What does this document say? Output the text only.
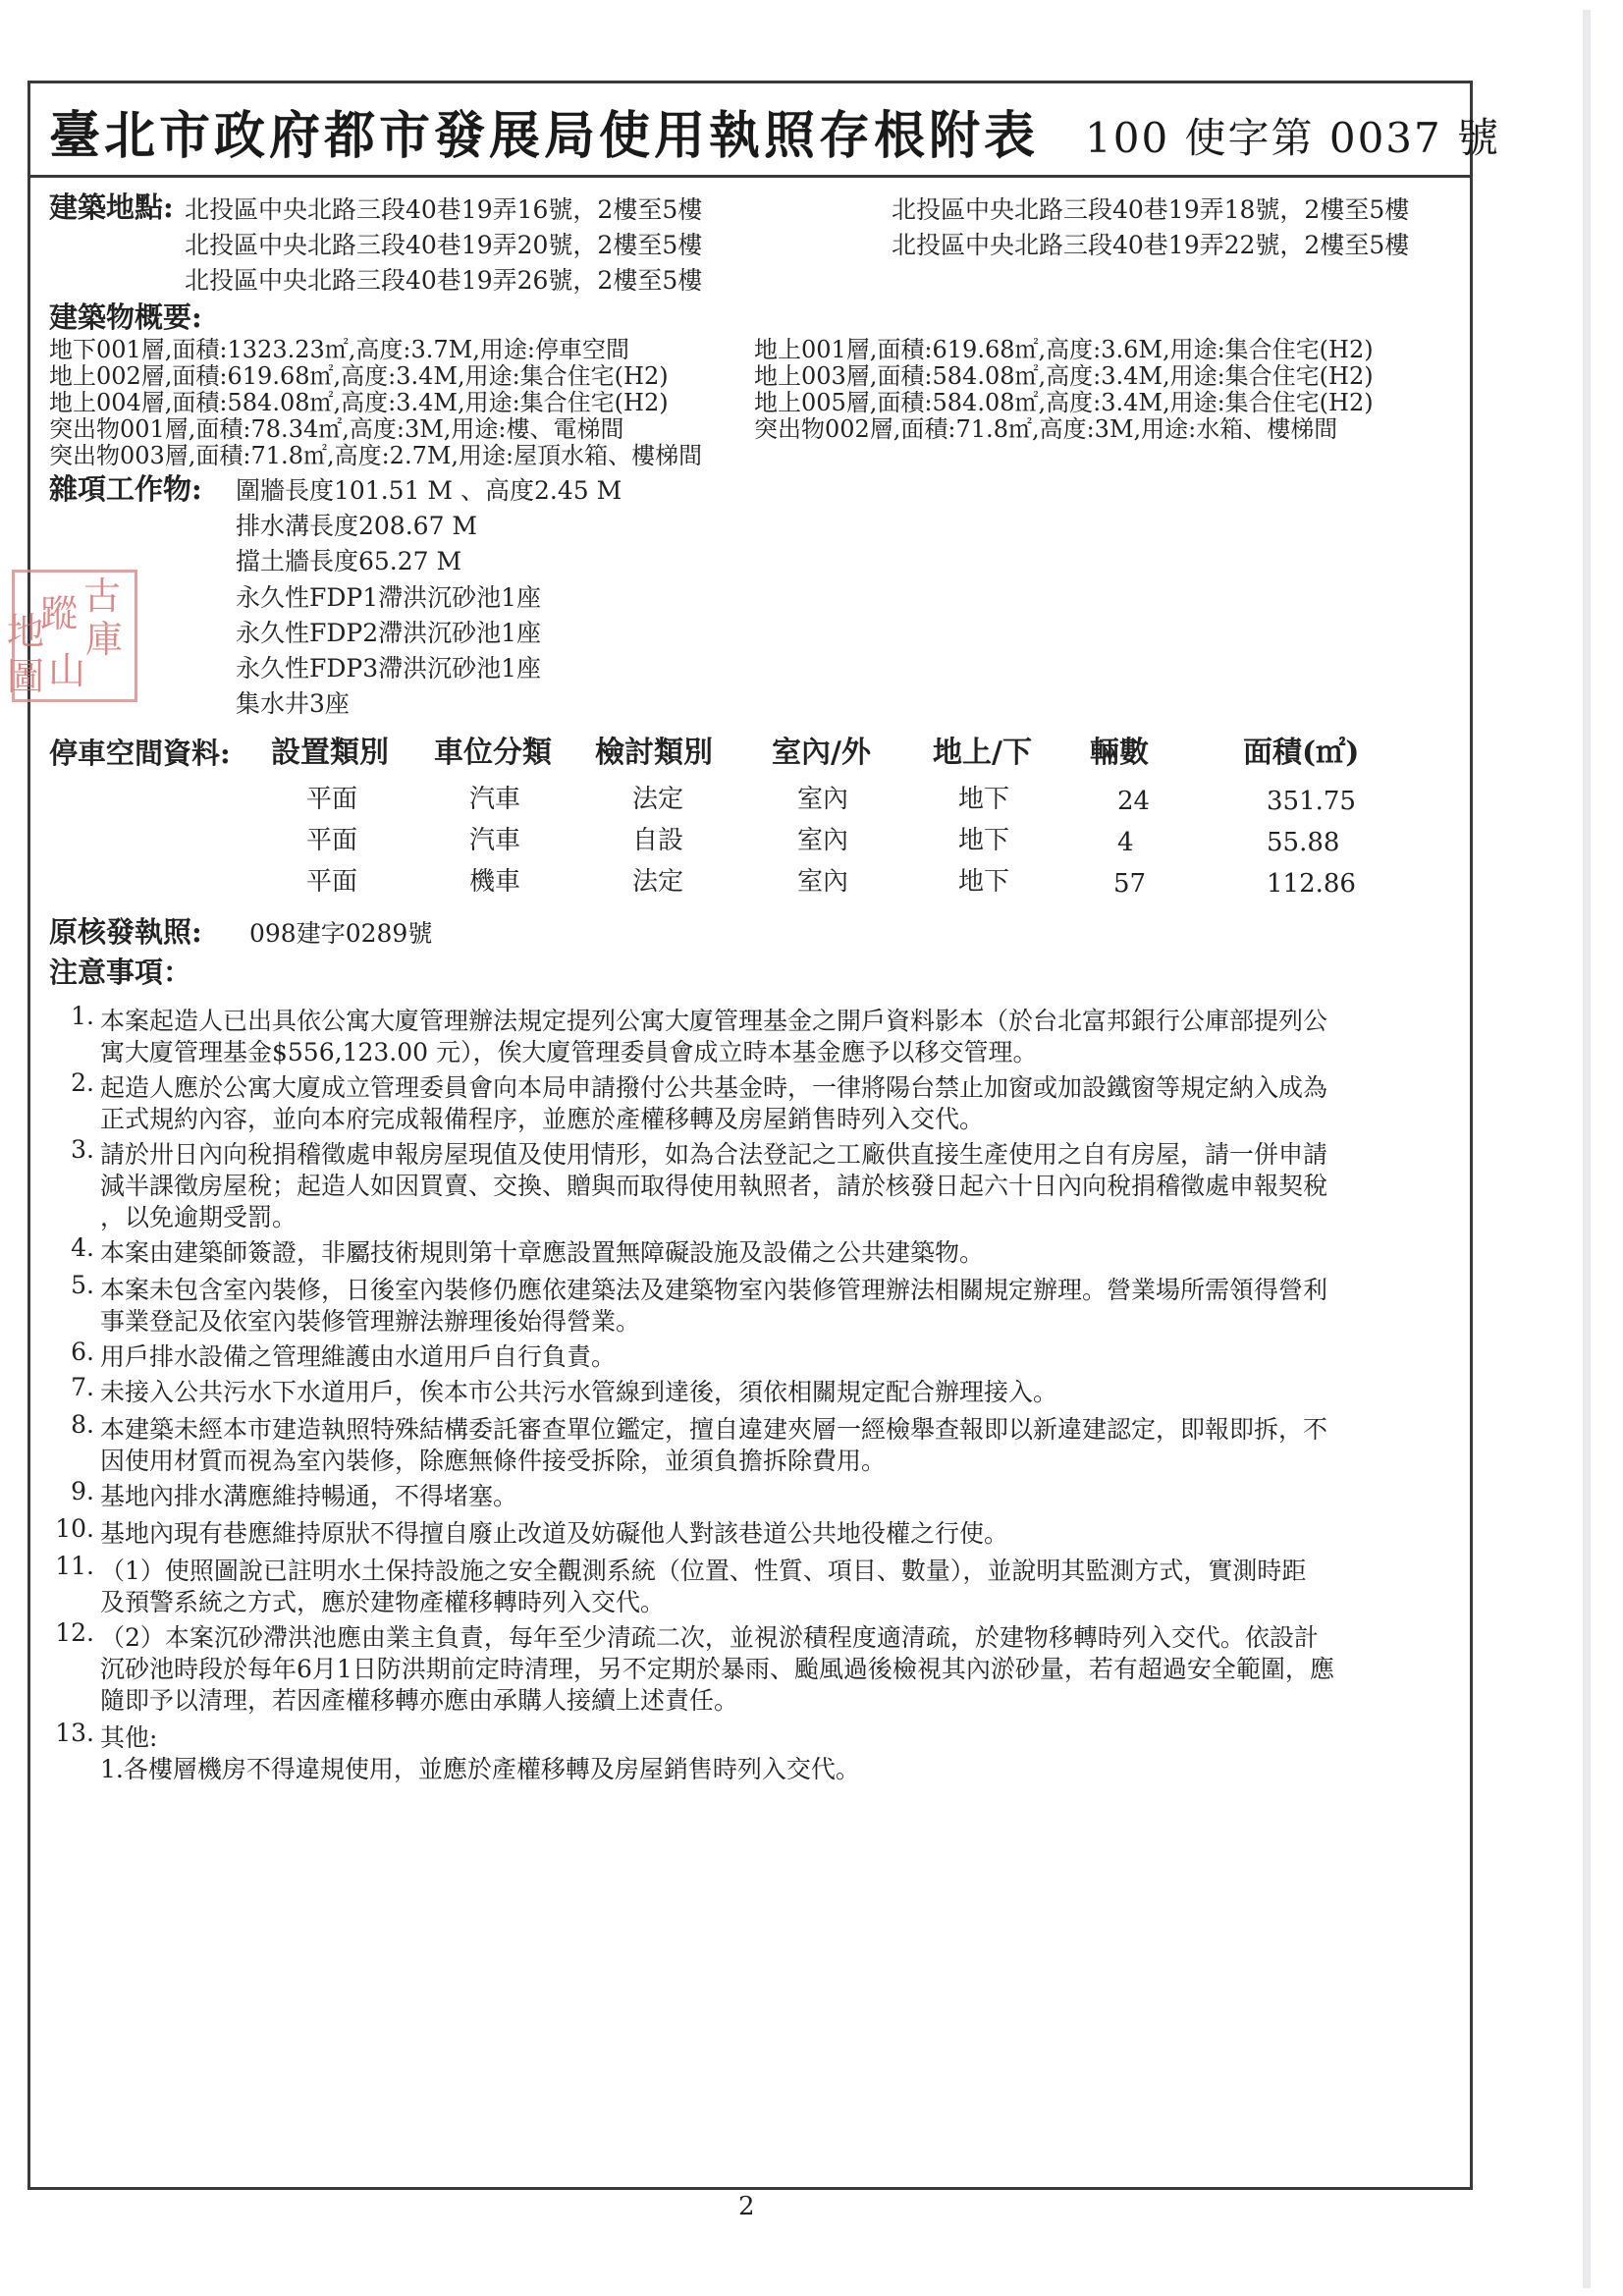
臺北市政府都市發展局使用執照存根附表 100 使字第 0037 號
建築地點: 北投區中央北路三段40巷19弄16號，2樓至5樓
北投區中央北路三段40巷19弄20號，2樓至5樓
北投區中央北路三段40巷19弄26號，2樓至5樓
北投區中央北路三段40巷19弄18號，2樓至5樓
北投區中央北路三段40巷19弄22號，2樓至5樓
建築物概要:
地下001層,面積:1323.23㎡,高度:3.7M,用途:停車空間
地上002層,面積:619.68㎡,高度:3.4M,用途:集合住宅(H2)
地上004層,面積:584.08㎡,高度:3.4M,用途:集合住宅(H2)
突出物001層,面積:78.34㎡,高度:3M,用途:樓、電梯間
突出物003層,面積:71.8㎡,高度:2.7M,用途:屋頂水箱、樓梯間
地上001層,面積:619.68㎡,高度:3.6M,用途:集合住宅(H2)
地上003層,面積:584.08㎡,高度:3.4M,用途:集合住宅(H2)
地上005層,面積:584.08㎡,高度:3.4M,用途:集合住宅(H2)
突出物002層,面積:71.8㎡,高度:3M,用途:水箱、樓梯間
雜項工作物: 圍牆長度101.51 M 、高度2.45 M
排水溝長度208.67 M
擋土牆長度65.27 M
永久性FDP1滯洪沉砂池1座
永久性FDP2滯洪沉砂池1座
永久性FDP3滯洪沉砂池1座
集水井3座
古
蹤
地 庫
山
圖
停車空間資料: 設置類別 車位分類 檢討類別 室內/外 地上/下 輛數	面積(㎡)
平面	汽車	法定	室內	地下	24	351.75
平面	汽車	自設	室內	地下	4	55.88
平面	機車	法定	室內	地下	57	112.86
原核發執照: 098建字0289號
注意事項：
1. 本案起造人已出具依公寓大廈管理辦法規定提列公寓大廈管理基金之開戶資料影本（於台北富邦銀行公庫部提列公
寓大廈管理基金$556,123.00 元），俟大廈管理委員會成立時本基金應予以移交管理。
2. 起造人應於公寓大廈成立管理委員會向本局申請撥付公共基金時，一律將陽台禁止加窗或加設鐵窗等規定納入成為
正式規約內容，並向本府完成報備程序，並應於產權移轉及房屋銷售時列入交代。
3. 請於卅日內向稅捐稽徵處申報房屋現值及使用情形，如為合法登記之工廠供直接生產使用之自有房屋，請一併申請
減半課徵房屋稅；起造人如因買賣、交換、贈與而取得使用執照者，請於核發日起六十日內向稅捐稽徵處申報契稅
，以免逾期受罰。
4. 本案由建築師簽證，非屬技術規則第十章應設置無障礙設施及設備之公共建築物。
5. 本案未包含室內裝修，日後室內裝修仍應依建築法及建築物室內裝修管理辦法相關規定辦理。營業場所需領得營利
事業登記及依室內裝修管理辦法辦理後始得營業。
6. 用戶排水設備之管理維護由水道用戶自行負責。
7. 未接入公共污水下水道用戶，俟本市公共污水管線到達後，須依相關規定配合辦理接入。
8. 本建築未經本市建造執照特殊結構委託審查單位鑑定，擅自違建夾層一經檢舉查報即以新違建認定，即報即拆，不
因使用材質而視為室內裝修，除應無條件接受拆除，並須負擔拆除費用。
9. 基地內排水溝應維持暢通，不得堵塞。
10. 基地內現有巷應維持原狀不得擅自廢止改道及妨礙他人對該巷道公共地役權之行使。
11. （1）使照圖說已註明水土保持設施之安全觀測系統（位置、性質、項目、數量），並說明其監測方式，實測時距
及預警系統之方式，應於建物產權移轉時列入交代。
12. （2）本案沉砂滯洪池應由業主負責，每年至少清疏二次，並視淤積程度適清疏，於建物移轉時列入交代。依設計
沉砂池時段於每年6月1日防洪期前定時清理，另不定期於暴雨、颱風過後檢視其內淤砂量，若有超過安全範圍，應
隨即予以清理，若因產權移轉亦應由承購人接續上述責任。
13. 其他:
1.各樓層機房不得違規使用，並應於產權移轉及房屋銷售時列入交代。
2
